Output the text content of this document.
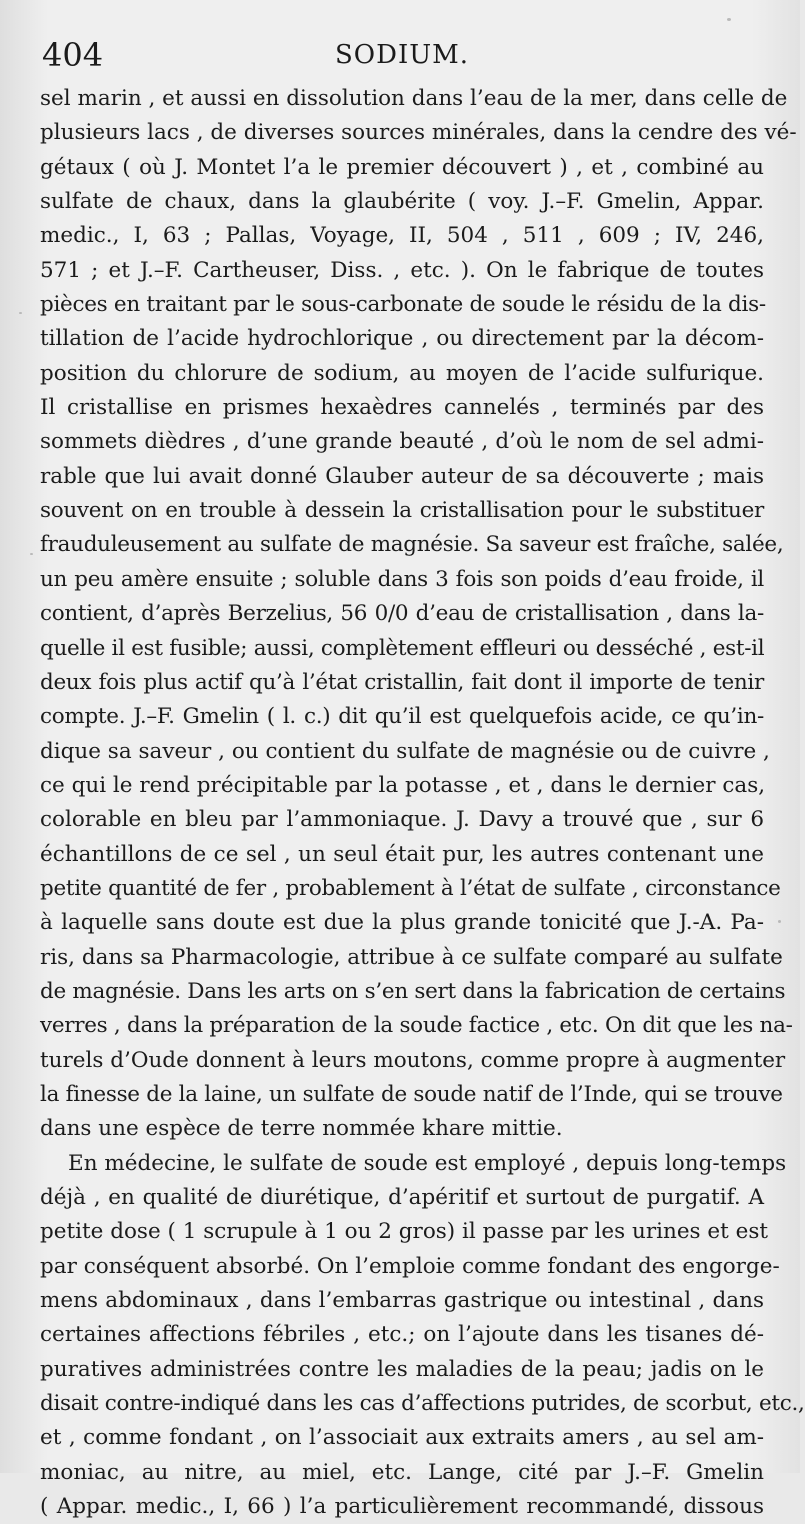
404	SODIUM.
sel marin , et aussi en dissolution dans l’eau de la mer, dans celle de
plusieurs lacs , de diverses sources minérales, dans la cendre des vé-
gétaux ( où J. Montet l’a le premier découvert ) , et , combiné au
sulfate de chaux, dans la glaubérite ( voy. J.–F. Gmelin, Appar.
medic., I, 63 ; Pallas, Voyage, II, 504 , 511 , 609 ; IV, 246,
571 ; et J.–F. Cartheuser, Diss. , etc. ). On le fabrique de toutes
pièces en traitant par le sous-carbonate de soude le résidu de la dis-
tillation de l’acide hydrochlorique , ou directement par la décom-
position du chlorure de sodium, au moyen de l’acide sulfurique.
Il cristallise en prismes hexaèdres cannelés , terminés par des
sommets dièdres , d’une grande beauté , d’où le nom de sel admi-
rable que lui avait donné Glauber auteur de sa découverte ; mais
souvent on en trouble à dessein la cristallisation pour le substituer
frauduleusement au sulfate de magnésie. Sa saveur est fraîche, salée,
un peu amère ensuite ; soluble dans 3 fois son poids d’eau froide, il
contient, d’après Berzelius, 56 0/0 d’eau de cristallisation , dans la-
quelle il est fusible; aussi, complètement effleuri ou desséché , est-il
deux fois plus actif qu’à l’état cristallin, fait dont il importe de tenir
compte. J.–F. Gmelin ( l. c.) dit qu’il est quelquefois acide, ce qu’in-
dique sa saveur , ou contient du sulfate de magnésie ou de cuivre ,
ce qui le rend précipitable par la potasse , et , dans le dernier cas,
colorable en bleu par l’ammoniaque. J. Davy a trouvé que , sur 6
échantillons de ce sel , un seul était pur, les autres contenant une
petite quantité de fer , probablement à l’état de sulfate , circonstance
à laquelle sans doute est due la plus grande tonicité que J.-A. Pa-
ris, dans sa Pharmacologie, attribue à ce sulfate comparé au sulfate
de magnésie. Dans les arts on s’en sert dans la fabrication de certains
verres , dans la préparation de la soude factice , etc. On dit que les na-
turels d’Oude donnent à leurs moutons, comme propre à augmenter
la finesse de la laine, un sulfate de soude natif de l’Inde, qui se trouve
dans une espèce de terre nommée khare mittie.
En médecine, le sulfate de soude est employé , depuis long-temps
déjà , en qualité de diurétique, d’apéritif et surtout de purgatif. A
petite dose ( 1 scrupule à 1 ou 2 gros) il passe par les urines et est
par conséquent absorbé. On l’emploie comme fondant des engorge-
mens abdominaux , dans l’embarras gastrique ou intestinal , dans
certaines affections fébriles , etc.; on l’ajoute dans les tisanes dé-
puratives administrées contre les maladies de la peau; jadis on le
disait contre-indiqué dans les cas d’affections putrides, de scorbut, etc.,
et , comme fondant , on l’associait aux extraits amers , au sel am-
moniac, au nitre, au miel, etc. Lange, cité par J.–F. Gmelin
( Appar. medic., I, 66 ) l’a particulièrement recommandé, dissous
